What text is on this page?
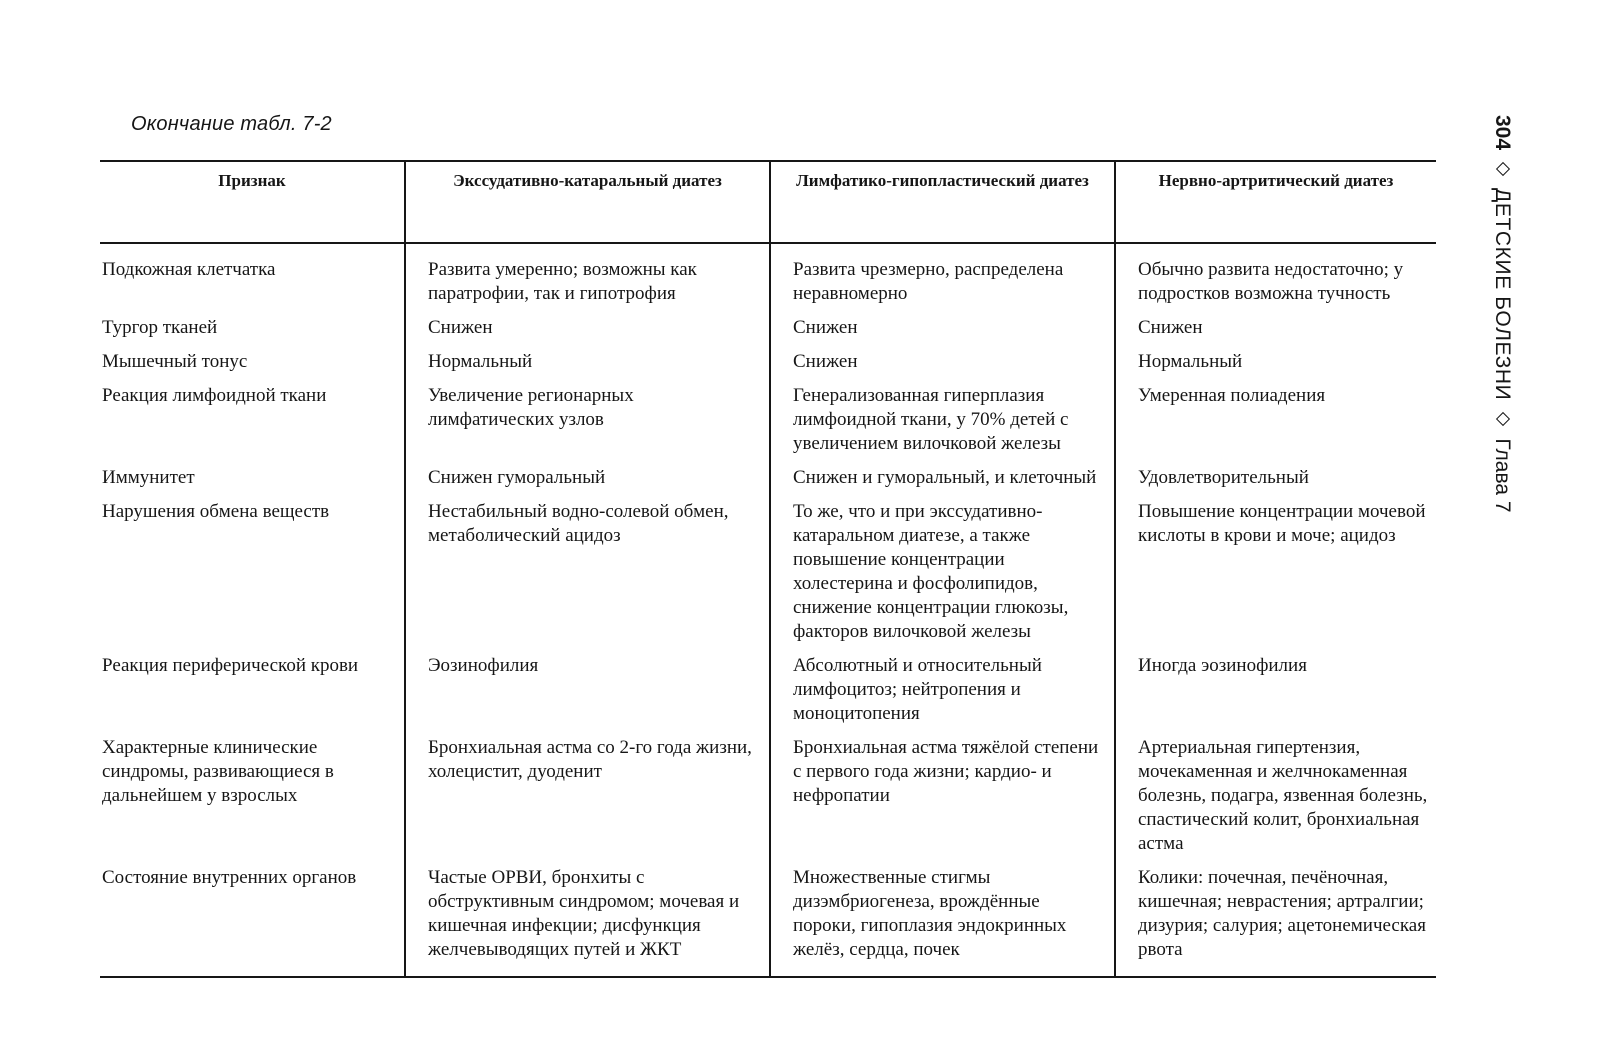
Окончание табл. 7-2	304ДЕТСКИЕ БОЛЕЗНИГлава 7
Признак	Экссудативно-катаральный диатез	Лимфатико-гипопластический диатез	Нервно-артритический диатез
Подкожная клетчатка	Развита умеренно; возможны как паратрофии, так и гипотрофия	Развита чрезмерно, распределена неравномерно	Обычно развита недостаточно; у подростков возможна тучность
Тургор тканей	Снижен	Снижен	Снижен
Мышечный тонус	Нормальный	Снижен	Нормальный
Реакция лимфоидной ткани	Увеличение регионарных лимфатических узлов	Генерализованная гиперплазия лимфоидной ткани, у 70% детей с увеличением вилочковой железы	Умеренная полиадения
Иммунитет	Снижен гуморальный	Снижен и гуморальный, и клеточный	Удовлетворительный
Нарушения обмена веществ	Нестабильный водно-солевой обмен, метаболический ацидоз	То же, что и при экссудативно-катаральном диатезе, а также повышение концентрации холестерина и фосфолипидов, снижение концентрации глюкозы, факторов вилочковой железы	Повышение концентрации мочевой кислоты в крови и моче; ацидоз
Реакция периферической крови	Эозинофилия	Абсолютный и относительный лимфоцитоз; нейтропения и моноцитопения	Иногда эозинофилия
Характерные клинические синдромы, развивающиеся в дальнейшем у взрослых	Бронхиальная астма со 2-го года жизни, холецистит, дуоденит	Бронхиальная астма тяжёлой степени с первого года жизни; кардио- и нефропатии	Артериальная гипертензия, мочекаменная и желчнокаменная болезнь, подагра, язвенная болезнь, спастический колит, бронхиальная астма
Состояние внутренних органов	Частые ОРВИ, бронхиты с обструктивным синдромом; мочевая и кишечная инфекции; дисфункция желчевыводящих путей и ЖКТ	Множественные стигмы дизэмбриогенеза, врождённые пороки, гипоплазия эндокринных желёз, сердца, почек	Колики: почечная, печёночная, кишечная; неврастения; артралгии; дизурия; салурия; ацетонемическая рвота
